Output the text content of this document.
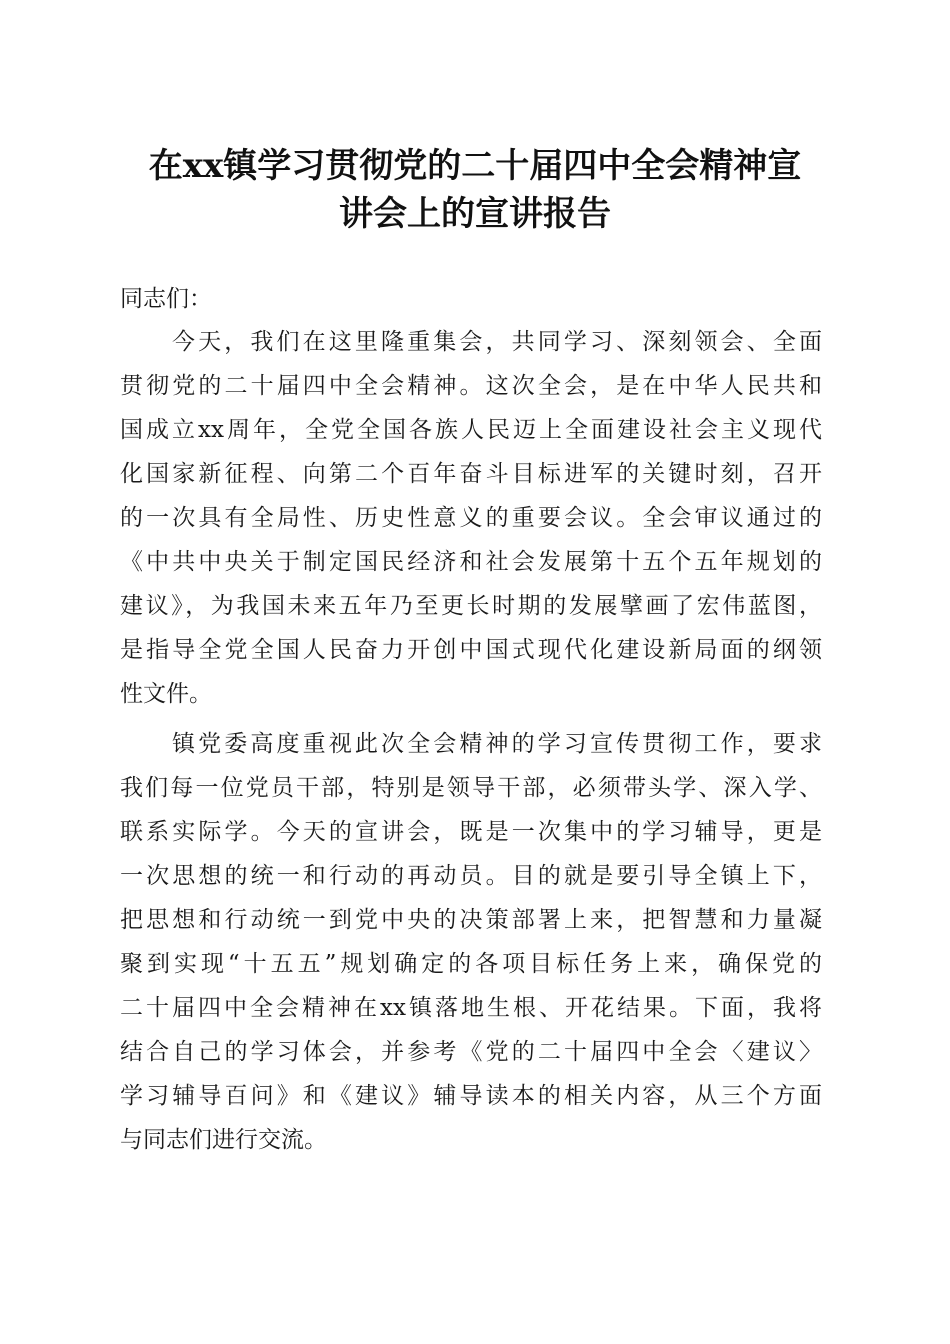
在xx镇学习贯彻党的二十届四中全会精神宣
讲会上的宣讲报告
同志们：
今天，我们在这里隆重集会，共同学习、深刻领会、全面
贯彻党的二十届四中全会精神。这次全会，是在中华人民共和
国成立xx周年，全党全国各族人民迈上全面建设社会主义现代
化国家新征程、向第二个百年奋斗目标进军的关键时刻，召开
的一次具有全局性、历史性意义的重要会议。全会审议通过的
《中共中央关于制定国民经济和社会发展第十五个五年规划的
建议》，为我国未来五年乃至更长时期的发展擘画了宏伟蓝图，
是指导全党全国人民奋力开创中国式现代化建设新局面的纲领
性文件。
镇党委高度重视此次全会精神的学习宣传贯彻工作，要求
我们每一位党员干部，特别是领导干部，必须带头学、深入学、
联系实际学。今天的宣讲会，既是一次集中的学习辅导，更是
一次思想的统一和行动的再动员。目的就是要引导全镇上下，
把思想和行动统一到党中央的决策部署上来，把智慧和力量凝
聚到实现“十五五”规划确定的各项目标任务上来，确保党的
二十届四中全会精神在xx镇落地生根、开花结果。下面，我将
结合自己的学习体会，并参考《党的二十届四中全会〈建议〉
学习辅导百问》和《建议》辅导读本的相关内容，从三个方面
与同志们进行交流。
